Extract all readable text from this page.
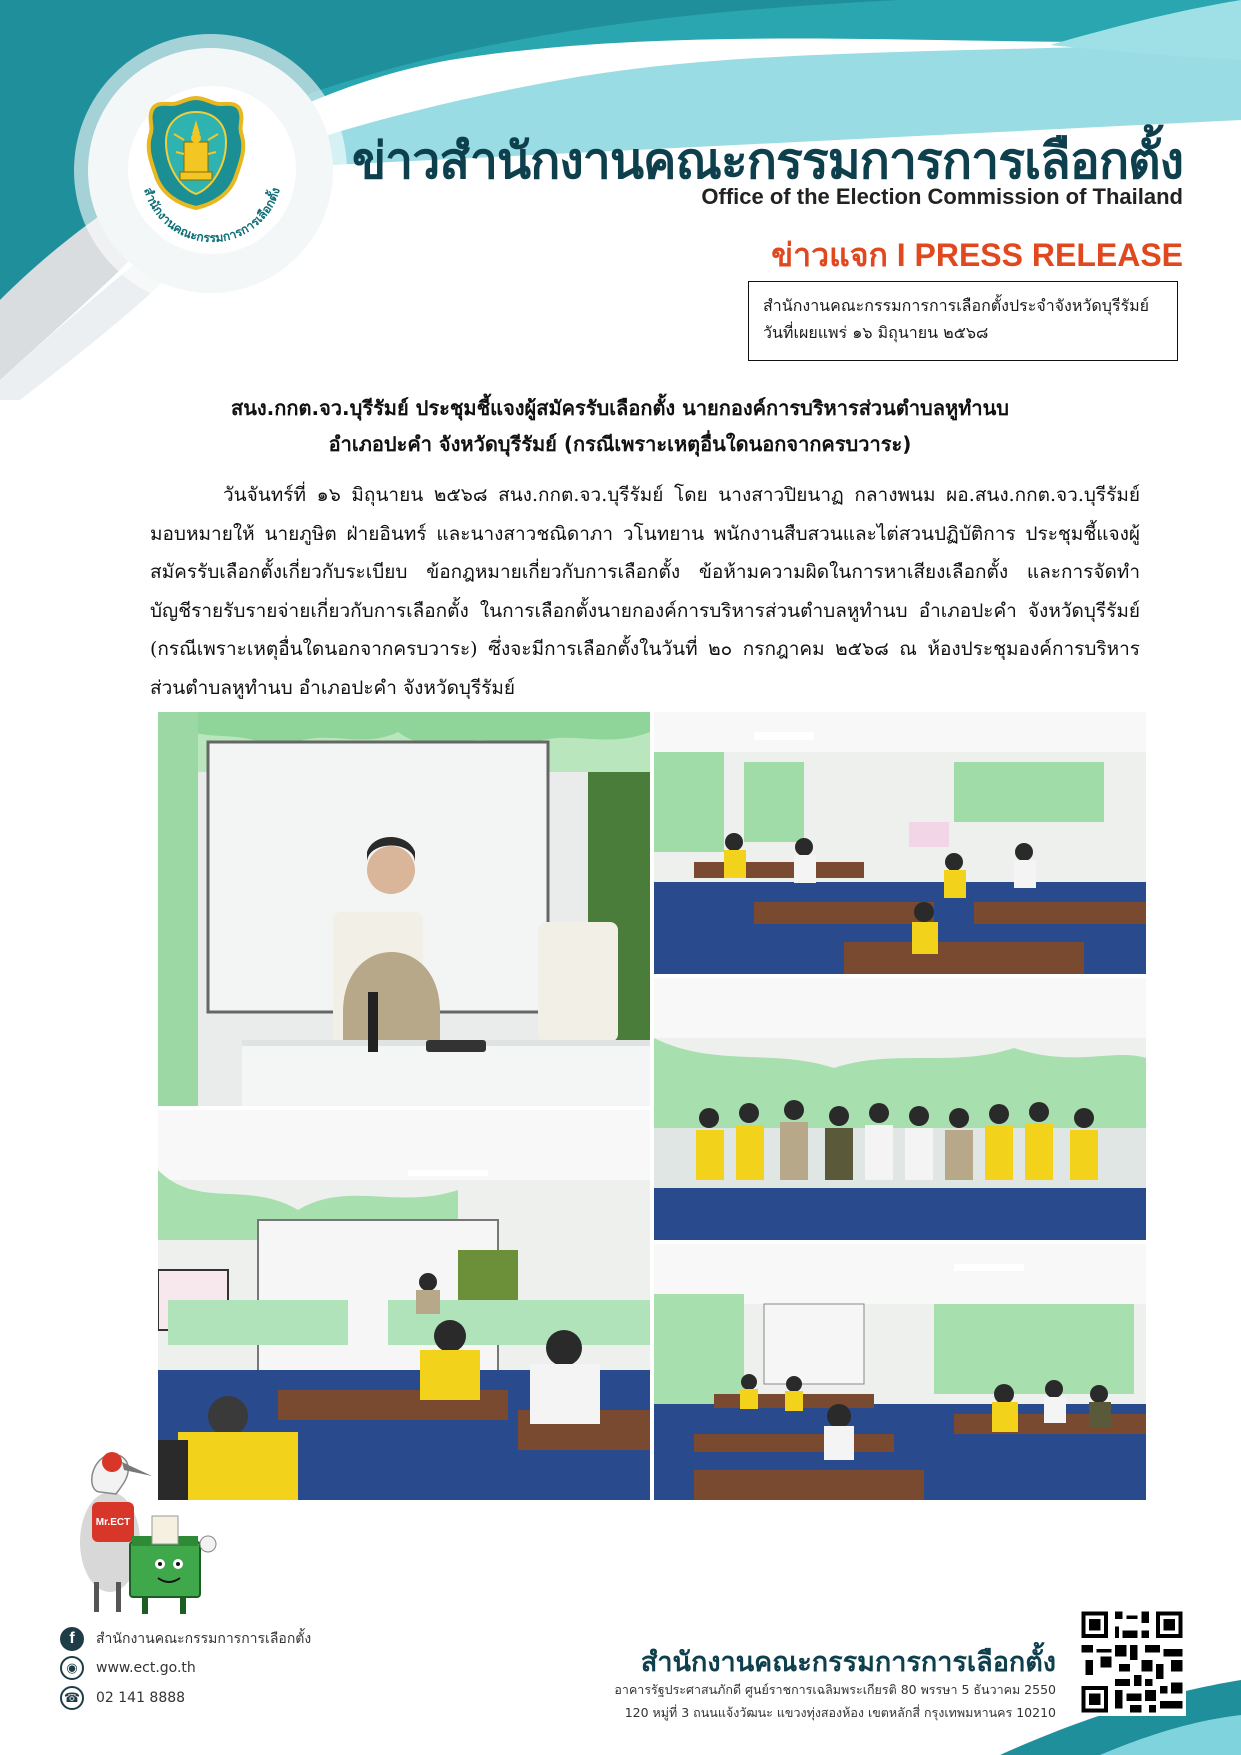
สำนักงานคณะกรรมการการเลือกตั้ง
ข่าวสำนักงานคณะกรรมการการเลือกตั้ง
Office of the Election Commission of Thailand
ข่าวแจก I PRESS RELEASE
สำนักงานคณะกรรมการการเลือกตั้งประจำจังหวัดบุรีรัมย์
วันที่เผยแพร่ ๑๖ มิถุนายน ๒๕๖๘
สนง.กกต.จว.บุรีรัมย์ ประชุมชี้แจงผู้สมัครรับเลือกตั้ง นายกองค์การบริหารส่วนตำบลหูทำนบ
อำเภอปะคำ จังหวัดบุรีรัมย์ (กรณีเพราะเหตุอื่นใดนอกจากครบวาระ)
วันจันทร์ที่ ๑๖ มิถุนายน ๒๕๖๘ สนง.กกต.จว.บุรีรัมย์ โดย นางสาวปิยนาฏ กลางพนม ผอ.สนง.กกต.จว.บุรีรัมย์ มอบหมายให้ นายภูษิต ฝ่ายอินทร์ และนางสาวชณิดาภา วโนทยาน พนักงานสืบสวนและไต่สวนปฏิบัติการ ประชุมชี้แจงผู้สมัครรับเลือกตั้งเกี่ยวกับระเบียบ ข้อกฎหมายเกี่ยวกับการเลือกตั้ง ข้อห้ามความผิดในการหาเสียงเลือกตั้ง และการจัดทำบัญชีรายรับรายจ่ายเกี่ยวกับการเลือกตั้ง ในการเลือกตั้งนายกองค์การบริหารส่วนตำบลหูทำนบ อำเภอปะคำ จังหวัดบุรีรัมย์ (กรณีเพราะเหตุอื่นใดนอกจากครบวาระ) ซึ่งจะมีการเลือกตั้งในวันที่ ๒๐ กรกฎาคม ๒๕๖๘ ณ ห้องประชุมองค์การบริหารส่วนตำบลหูทำนบ อำเภอปะคำ จังหวัดบุรีรัมย์
Mr.ECT
f	สำนักงานคณะกรรมการการเลือกตั้ง
◉	www.ect.go.th
☎ 02 141 8888
สำนักงานคณะกรรมการการเลือกตั้ง
อาคารรัฐประศาสนภักดี ศูนย์ราชการเฉลิมพระเกียรติ 80 พรรษา 5 ธันวาคม 2550
120 หมู่ที่ 3 ถนนแจ้งวัฒนะ แขวงทุ่งสองห้อง เขตหลักสี่ กรุงเทพมหานคร 10210
